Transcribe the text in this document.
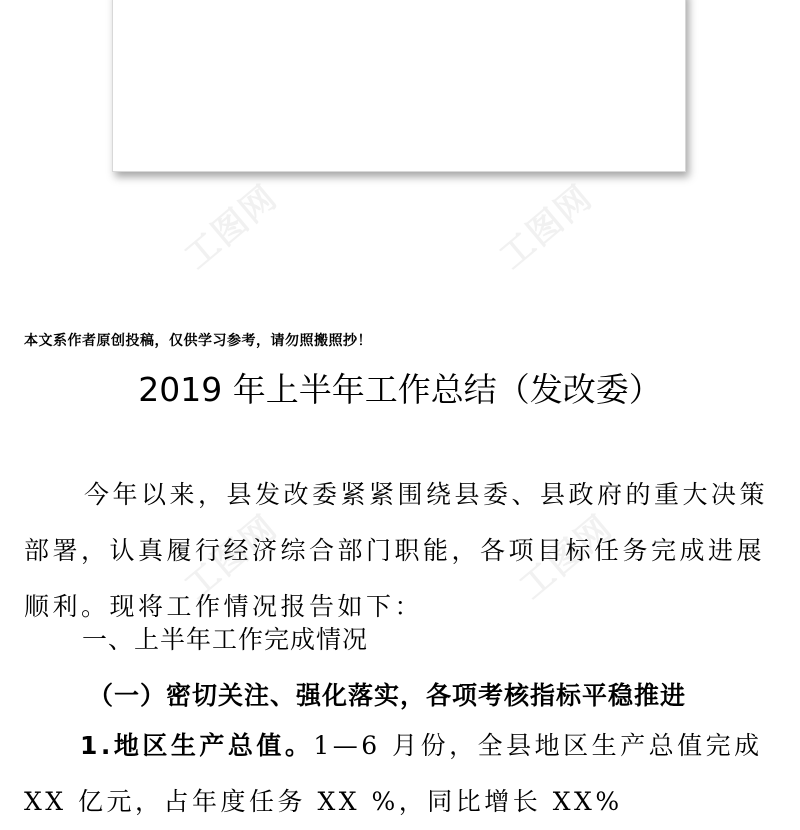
工图网	工图网
工图网	工图网
本文系作者原创投稿，仅供学习参考，请勿照搬照抄！
2019 年上半年工作总结（发改委）
今年以来，县发改委紧紧围绕县委、县政府的重大决策
部署，认真履行经济综合部门职能，各项目标任务完成进展
顺利。现将工作情况报告如下：
一、上半年工作完成情况
（一）密切关注、强化落实，各项考核指标平稳推进
1.地区生产总值。1—6 月份，全县地区生产总值完成
XX 亿元，占年度任务 XX %，同比增长 XX%
